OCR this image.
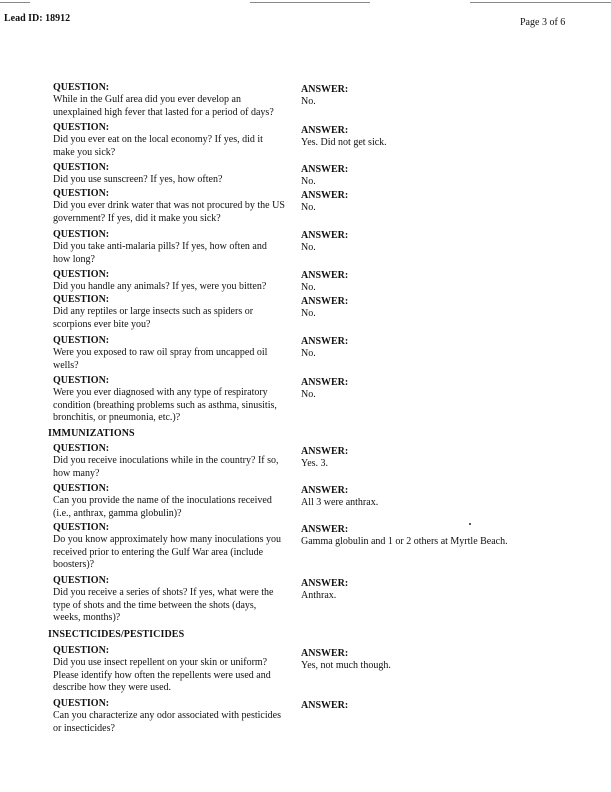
Lead ID: 18912	Page 3 of 6
QUESTION:
While in the Gulf area did you ever develop an unexplained high fever that lasted for a period of days?
ANSWER:
No.
QUESTION:
Did you ever eat on the local economy? If yes, did it make you sick?
ANSWER:
Yes. Did not get sick.
QUESTION:
Did you use sunscreen? If yes, how often?
ANSWER:
No.
QUESTION:
Did you ever drink water that was not procured by the US government? If yes, did it make you sick?
ANSWER:
No.
QUESTION:
Did you take anti-malaria pills? If yes, how often and how long?
ANSWER:
No.
QUESTION:
Did you handle any animals? If yes, were you bitten?
ANSWER:
No.
QUESTION:
Did any reptiles or large insects such as spiders or scorpions ever bite you?
ANSWER:
No.
QUESTION:
Were you exposed to raw oil spray from uncapped oil wells?
ANSWER:
No.
QUESTION:
Were you ever diagnosed with any type of respiratory condition (breathing problems such as asthma, sinusitis, bronchitis, or pneumonia, etc.)?
ANSWER:
No.
IMMUNIZATIONS
QUESTION:
Did you receive inoculations while in the country? If so, how many?
ANSWER:
Yes. 3.
QUESTION:
Can you provide the name of the inoculations received (i.e., anthrax, gamma globulin)?
ANSWER:
All 3 were anthrax.
QUESTION:
Do you know approximately how many inoculations you received prior to entering the Gulf War area (include boosters)?
ANSWER:
Gamma globulin and 1 or 2 others at Myrtle Beach.
QUESTION:
Did you receive a series of shots? If yes, what were the type of shots and the time between the shots (days, weeks, months)?
ANSWER:
Anthrax.
INSECTICIDES/PESTICIDES
QUESTION:
Did you use insect repellent on your skin or uniform? Please identify how often the repellents were used and describe how they were used.
ANSWER:
Yes, not much though.
QUESTION:
Can you characterize any odor associated with pesticides or insecticides?
ANSWER:
